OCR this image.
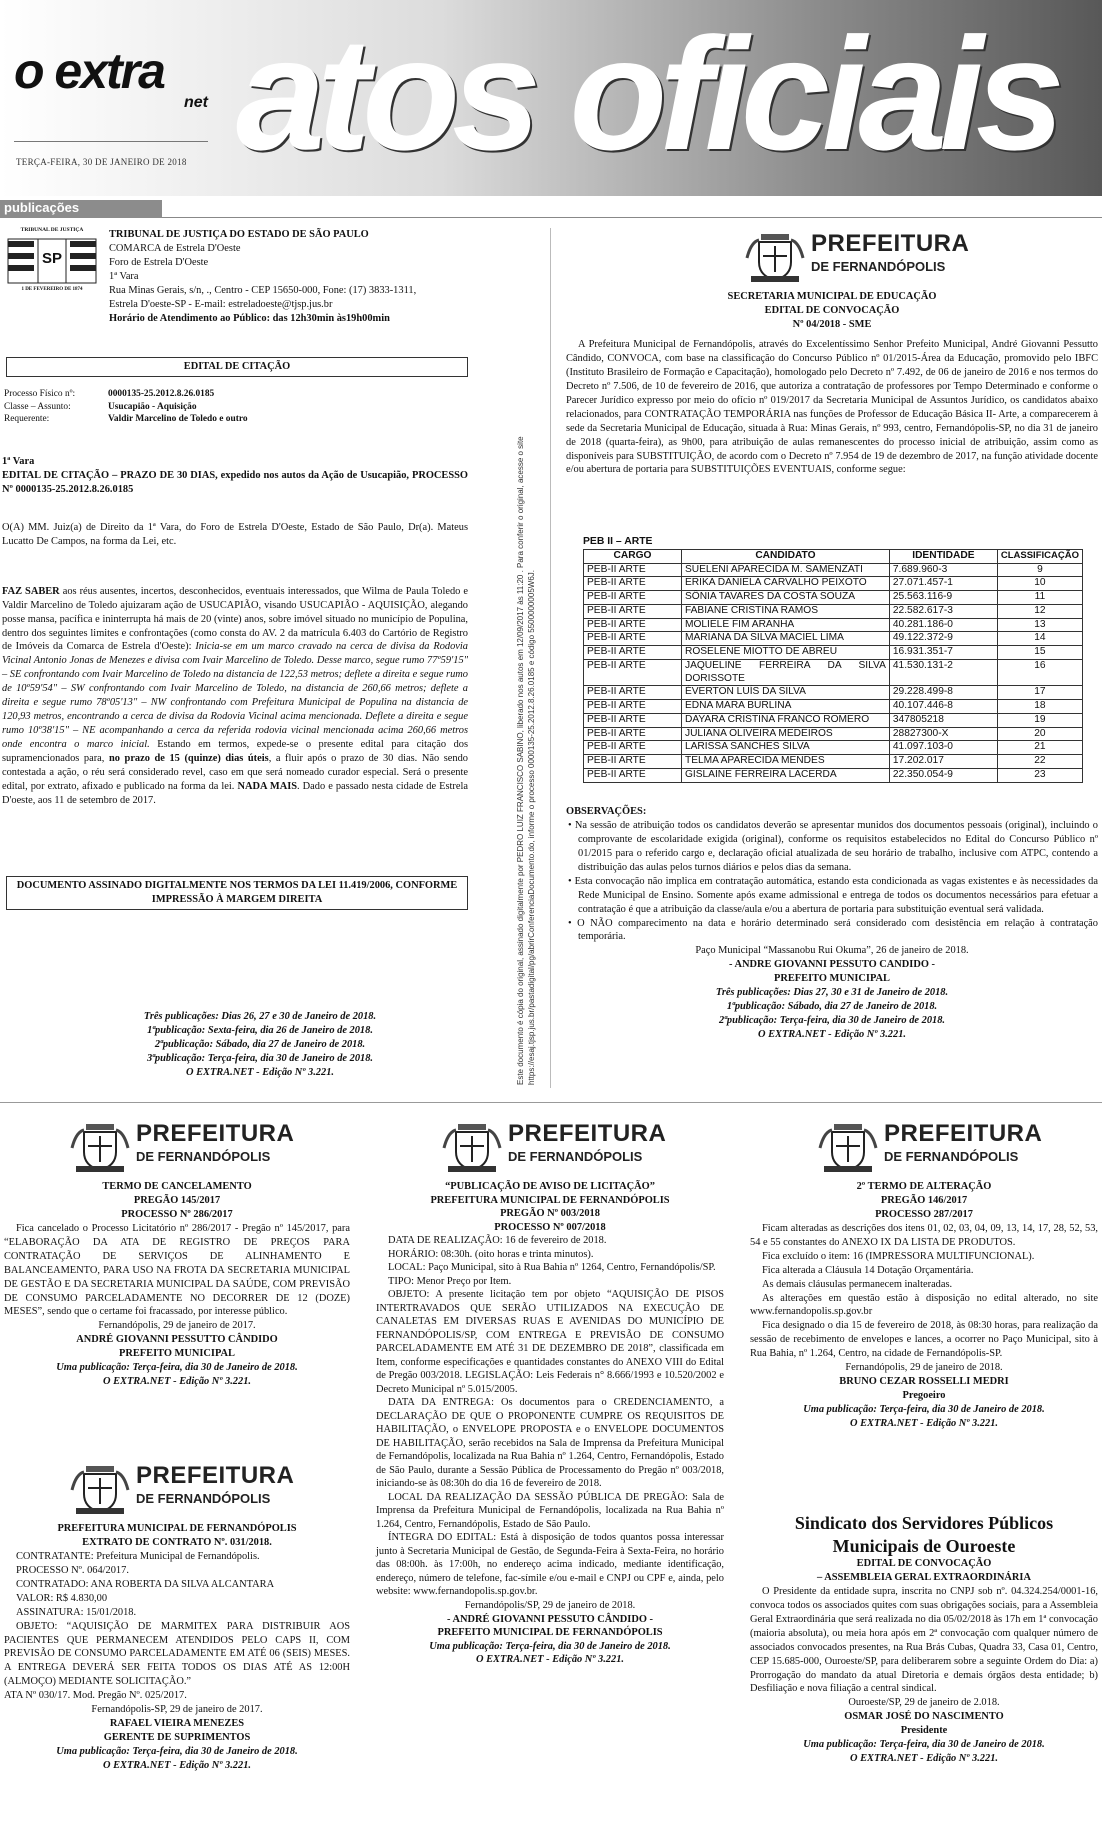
o extra
net atos oficiais
TERÇA-FEIRA, 30 DE JANEIRO DE 2018
publicações
TRIBUNAL DE JUSTIÇA
SP
1 DE FEVEREIRO DE 1874

TRIBUNAL DE JUSTIÇA DO ESTADO DE SÃO PAULO

COMARCA de Estrela D'Oeste

Foro de Estrela D'Oeste

1ª Vara

Rua Minas Gerais, s/n, ., Centro - CEP 15650-000, Fone: (17) 3833-1311,

Estrela D'oeste-SP - E-mail: estreladoeste@tjsp.jus.br

Horário de Atendimento ao Público: das 12h30min às19h00min

EDITAL DE CITAÇÃO
Processo Físico nº:	0000135-25.2012.8.26.0185
Classe – Assunto:	Usucapião - Aquisição
Requerente:	Valdir Marcelino de Toledo e outro

1ª Vara

EDITAL DE CITAÇÃO – PRAZO DE 30 DIAS, expedido nos autos da Ação de Usucapião, PROCESSO Nº 0000135-25.2012.8.26.0185

O(A) MM. Juiz(a) de Direito da 1ª Vara, do Foro de Estrela D'Oeste, Estado de São Paulo, Dr(a). Mateus Lucatto De Campos, na forma da Lei, etc.

FAZ SABER aos réus ausentes, incertos, desconhecidos, eventuais interessados, que Wilma de Paula Toledo e Valdir Marcelino de Toledo ajuizaram ação de USUCAPIÃO, visando USUCAPIÃO - AQUISIÇÃO, alegando posse mansa, pacífica e ininterrupta há mais de 20 (vinte) anos, sobre imóvel situado no município de Populina, dentro dos seguintes limites e confrontações (como consta do AV. 2 da matrícula 6.403 do Cartório de Registro de Imóveis da Comarca de Estrela d'Oeste): Inicia-se em um marco cravado na cerca de divisa da Rodovia Vicinal Antonio Jonas de Menezes e divisa com Ivair Marcelino de Toledo. Desse marco, segue rumo 77º59'15" – SE confrontando com Ivair Marcelino de Toledo na distancia de 122,53 metros; deflete a direita e segue rumo de 10º59'54" – SW confrontando com Ivair Marcelino de Toledo, na distancia de 260,66 metros; deflete a direita e segue rumo 78º05'13" – NW confrontando com Prefeitura Municipal de Populina na distancia de 120,93 metros, encontrando a cerca de divisa da Rodovia Vicinal acima mencionada. Deflete a direita e segue rumo 10º38'15" – NE acompanhando a cerca da referida rodovia vicinal mencionada acima 260,66 metros onde encontra o marco inicial. Estando em termos, expede-se o presente edital para citação dos supramencionados para, no prazo de 15 (quinze) dias úteis, a fluir após o prazo de 30 dias. Não sendo contestada a ação, o réu será considerado revel, caso em que será nomeado curador especial. Será o presente edital, por extrato, afixado e publicado na forma da lei. NADA MAIS. Dado e passado nesta cidade de Estrela D'oeste, aos 11 de setembro de 2017.

DOCUMENTO ASSINADO DIGITALMENTE NOS TERMOS DA LEI 11.419/2006, CONFORME IMPRESSÃO À MARGEM DIREITA

Três publicações: Dias 26, 27 e 30 de Janeiro de 2018.

1ªpublicação: Sexta-feira, dia 26 de Janeiro de 2018.

2ªpublicação: Sábado, dia 27 de Janeiro de 2018.

3ªpublicação: Terça-feira, dia 30 de Janeiro de 2018.

O EXTRA.NET - Edição Nº 3.221.	Este documento é cópia do original, assinado digitalmente por PEDRO LUIZ FRANCISCO SABINO, liberado nos autos em 12/09/2017 às 11:20 . Para conferir o original, acesse o site https://esaj.tjsp.jus.br/pastadigital/pg/abrirConferenciaDocumento.do, informe o processo 0000135-25.2012.8.26.0185 e código 5500000005W6J.
PREFEITURA
DE FERNANDÓPOLIS

SECRETARIA MUNICIPAL DE EDUCAÇÃO

EDITAL DE CONVOCAÇÃO

Nº 04/2018 - SME

A Prefeitura Municipal de Fernandópolis, através do Excelentíssimo Senhor Prefeito Municipal, André Giovanni Pessutto Cândido, CONVOCA, com base na classificação do Concurso Público nº 01/2015-Área da Educação, promovido pelo IBFC (Instituto Brasileiro de Formação e Capacitação), homologado pelo Decreto nº 7.492, de 06 de janeiro de 2016 e nos termos do Decreto nº 7.506, de 10 de fevereiro de 2016, que autoriza a contratação de professores por Tempo Determinado e conforme o Parecer Jurídico expresso por meio do ofício nº 019/2017 da Secretaria Municipal de Assuntos Jurídico, os candidatos abaixo relacionados, para CONTRATAÇÃO TEMPORÁRIA nas funções de Professor de Educação Básica II- Arte, a comparecerem à sede da Secretaria Municipal de Educação, situada à Rua: Minas Gerais, nº 993, centro, Fernandópolis-SP, no dia 31 de janeiro de 2018 (quarta-feira), as 9h00, para atribuição de aulas remanescentes do processo inicial de atribuição, assim como as disponíveis para SUBSTITUIÇÃO, de acordo com o Decreto nº 7.954 de 19 de dezembro de 2017, na função atividade docente e/ou abertura de portaria para SUBSTITUIÇÕES EVENTUAIS, conforme segue:

PEB II – ARTE

CARGO	CANDIDATO	IDENTIDADE	CLASSIFICAÇÃO
PEB-II ARTE	SUELENI APARECIDA M. SAMENZATI	7.689.960-3	9
PEB-II ARTE	ERIKA DANIELA CARVALHO PEIXOTO	27.071.457-1	10
PEB-II ARTE	SÔNIA TAVARES DA COSTA SOUZA	25.563.116-9	11
PEB-II ARTE	FABIANE CRISTINA RAMOS	22.582.617-3	12
PEB-II ARTE	MOLIELE FIM ARANHA	40.281.186-0	13
PEB-II ARTE	MARIANA DA SILVA MACIEL LIMA	49.122.372-9	14
PEB-II ARTE	ROSELENE MIOTTO DE ABREU	16.931.351-7	15
PEB-II ARTE	JAQUELINE FERREIRA DA SILVA DORISSOTE	41.530.131-2	16
PEB-II ARTE	ÉVERTON LUÍS DA SILVA	29.228.499-8	17
PEB-II ARTE	EDNA MARA BURLINA	40.107.446-8	18
PEB-II ARTE	DAYARA CRISTINA FRANCO ROMERO	347805218	19
PEB-II ARTE	JULIANA OLIVEIRA MEDEIROS	28827300-X	20
PEB-II ARTE	LARISSA SANCHES SILVA	41.097.103-0	21
PEB-II ARTE	TELMA APARECIDA MENDES	17.202.017	22
PEB-II ARTE	GISLAINE FERREIRA LACERDA	22.350.054-9	23

OBSERVAÇÕES:

• Na sessão de atribuição todos os candidatos deverão se apresentar munidos dos documentos pessoais (original), incluindo o comprovante de escolaridade exigida (original), conforme os requisitos estabelecidos no Edital do Concurso Público nº 01/2015 para o referido cargo e, declaração oficial atualizada de seu horário de trabalho, inclusive com ATPC, contendo a distribuição das aulas pelos turnos diários e pelos dias da semana.

• Esta convocação não implica em contratação automática, estando esta condicionada as vagas existentes e às necessidades da Rede Municipal de Ensino. Somente após exame admissional e entrega de todos os documentos necessários para efetuar a contratação é que a atribuição da classe/aula e/ou a abertura de portaria para substituição eventual será validada.

• O NÃO comparecimento na data e horário determinado será considerado com desistência em relação à contratação temporária.

Paço Municipal “Massanobu Rui Okuma”, 26 de janeiro de 2018.

- ANDRE GIOVANNI PESSUTO CANDIDO -

PREFEITO MUNICIPAL

Três publicações: Dias 27, 30 e 31 de Janeiro de 2018.

1ªpublicação: Sábado, dia 27 de Janeiro de 2018.

2ªpublicação: Terça-feira, dia 30 de Janeiro de 2018.

O EXTRA.NET - Edição Nº 3.221.

PREFEITURA
DE FERNANDÓPOLIS

TERMO DE CANCELAMENTO

PREGÃO 145/2017

PROCESSO Nº 286/2017

Fica cancelado o Processo Licitatório nº 286/2017 - Pregão nº 145/2017, para “ELABORAÇÃO DA ATA DE REGISTRO DE PREÇOS PARA CONTRATAÇÃO DE SERVIÇOS DE ALINHAMENTO E BALANCEAMENTO, PARA USO NA FROTA DA SECRETARIA MUNICIPAL DE GESTÃO E DA SECRETARIA MUNICIPAL DA SAÚDE, COM PREVISÃO DE CONSUMO PARCELADAMENTE NO DECORRER DE 12 (DOZE) MESES”, sendo que o certame foi fracassado, por interesse público.

Fernandópolis, 29 de janeiro de 2017.

ANDRÉ GIOVANNI PESSUTTO CÂNDIDO

PREFEITO MUNICIPAL

Uma publicação: Terça-feira, dia 30 de Janeiro de 2018.

O EXTRA.NET - Edição Nº 3.221.

PREFEITURA
DE FERNANDÓPOLIS

PREFEITURA MUNICIPAL DE FERNANDÓPOLIS

EXTRATO DE CONTRATO Nº. 031/2018.

CONTRATANTE: Prefeitura Municipal de Fernandópolis.

PROCESSO Nº. 064/2017.

CONTRATADO: ANA ROBERTA DA SILVA ALCANTARA

VALOR: R$ 4.830,00

ASSINATURA: 15/01/2018.

OBJETO: “AQUISIÇÃO DE MARMITEX PARA DISTRIBUIR AOS PACIENTES QUE PERMANECEM ATENDIDOS PELO CAPS II, COM PREVISÃO DE CONSUMO PARCELADAMENTE EM ATÉ 06 (SEIS) MESES. A ENTREGA DEVERÁ SER FEITA TODOS OS DIAS ATÉ AS 12:00H (ALMOÇO) MEDIANTE SOLICITAÇÃO.”

ATA Nº 030/17. Mod. Pregão Nº. 025/2017.

Fernandópolis-SP, 29 de janeiro de 2017.

RAFAEL VIEIRA MENEZES

GERENTE DE SUPRIMENTOS

Uma publicação: Terça-feira, dia 30 de Janeiro de 2018.

O EXTRA.NET - Edição Nº 3.221.

PREFEITURA
DE FERNANDÓPOLIS

“PUBLICAÇÃO DE AVISO DE LICITAÇÃO”

PREFEITURA MUNICIPAL DE FERNANDÓPOLIS

PREGÃO Nº 003/2018

PROCESSO Nº 007/2018

DATA DE REALIZAÇÃO: 16 de fevereiro de 2018.

HORÁRIO: 08:30h. (oito horas e trinta minutos).

LOCAL: Paço Municipal, sito à Rua Bahia nº 1264, Centro, Fernandópolis/SP.

TIPO: Menor Preço por Item.

OBJETO: A presente licitação tem por objeto “AQUISIÇÃO DE PISOS INTERTRAVADOS QUE SERÃO UTILIZADOS NA EXECUÇÃO DE CANALETAS EM DIVERSAS RUAS E AVENIDAS DO MUNICÍPIO DE FERNANDÓPOLIS/SP, COM ENTREGA E PREVISÃO DE CONSUMO PARCELADAMENTE EM ATÉ 31 DE DEZEMBRO DE 2018”, classificada em Item, conforme especificações e quantidades constantes do ANEXO VIII do Edital de Pregão 003/2018. LEGISLAÇÃO: Leis Federais n° 8.666/1993 e 10.520/2002 e Decreto Municipal nº 5.015/2005.

DATA DA ENTREGA: Os documentos para o CREDENCIAMENTO, a DECLARAÇÃO DE QUE O PROPONENTE CUMPRE OS REQUISITOS DE HABILITAÇÃO, o ENVELOPE PROPOSTA e o ENVELOPE DOCUMENTOS DE HABILITAÇÃO, serão recebidos na Sala de Imprensa da Prefeitura Municipal de Fernandópolis, localizada na Rua Bahia nº 1.264, Centro, Fernandópolis, Estado de São Paulo, durante a Sessão Pública de Processamento do Pregão nº 003/2018, iniciando-se às 08:30h do dia 16 de fevereiro de 2018.

LOCAL DA REALIZAÇÃO DA SESSÃO PÚBLICA DE PREGÃO: Sala de Imprensa da Prefeitura Municipal de Fernandópolis, localizada na Rua Bahia nº 1.264, Centro, Fernandópolis, Estado de São Paulo.

ÍNTEGRA DO EDITAL: Está à disposição de todos quantos possa interessar junto à Secretaria Municipal de Gestão, de Segunda-Feira à Sexta-Feira, no horário das 08:00h. às 17:00h, no endereço acima indicado, mediante identificação, endereço, número de telefone, fac-símile e/ou e-mail e CNPJ ou CPF e, ainda, pelo website: www.fernandopolis.sp.gov.br.

Fernandópolis/SP, 29 de janeiro de 2018.

- ANDRÉ GIOVANNI PESSUTO CÂNDIDO -

PREFEITO MUNICIPAL DE FERNANDÓPOLIS

Uma publicação: Terça-feira, dia 30 de Janeiro de 2018.

O EXTRA.NET - Edição Nº 3.221.

PREFEITURA
DE FERNANDÓPOLIS

2º TERMO DE ALTERAÇÃO

PREGÃO 146/2017

PROCESSO 287/2017

Ficam alteradas as descrições dos itens 01, 02, 03, 04, 09, 13, 14, 17, 28, 52, 53, 54 e 55 constantes do ANEXO IX DA LISTA DE PRODUTOS.

Fica excluído o item: 16 (IMPRESSORA MULTIFUNCIONAL).

Fica alterada a Cláusula 14 Dotação Orçamentária.

As demais cláusulas permanecem inalteradas.

As alterações em questão estão à disposição no edital alterado, no site www.fernandopolis.sp.gov.br

Fica designado o dia 15 de fevereiro de 2018, às 08:30 horas, para realização da sessão de recebimento de envelopes e lances, a ocorrer no Paço Municipal, sito à Rua Bahia, nº 1.264, Centro, na cidade de Fernandópolis-SP.

Fernandópolis, 29 de janeiro de 2018.

BRUNO CEZAR ROSSELLI MEDRI

Pregoeiro

Uma publicação: Terça-feira, dia 30 de Janeiro de 2018.

O EXTRA.NET - Edição Nº 3.221.

Sindicato dos Servidores Públicos Municipais de Ouroeste

EDITAL DE CONVOCAÇÃO

– ASSEMBLEIA GERAL EXTRAORDINÁRIA

O Presidente da entidade supra, inscrita no CNPJ sob nº. 04.324.254/0001-16, convoca todos os associados quites com suas obrigações sociais, para a Assembleia Geral Extraordinária que será realizada no dia 05/02/2018 às 17h em 1ª convocação (maioria absoluta), ou meia hora após em 2ª convocação com qualquer número de associados convocados presentes, na Rua Brás Cubas, Quadra 33, Casa 01, Centro, CEP 15.685-000, Ouroeste/SP, para deliberarem sobre a seguinte Ordem do Dia: a) Prorrogação do mandato da atual Diretoria e demais órgãos desta entidade; b) Desfiliação e nova filiação a central sindical.

Ouroeste/SP, 29 de janeiro de 2.018.

OSMAR JOSÉ DO NASCIMENTO

Presidente

Uma publicação: Terça-feira, dia 30 de Janeiro de 2018.

O EXTRA.NET - Edição Nº 3.221.
